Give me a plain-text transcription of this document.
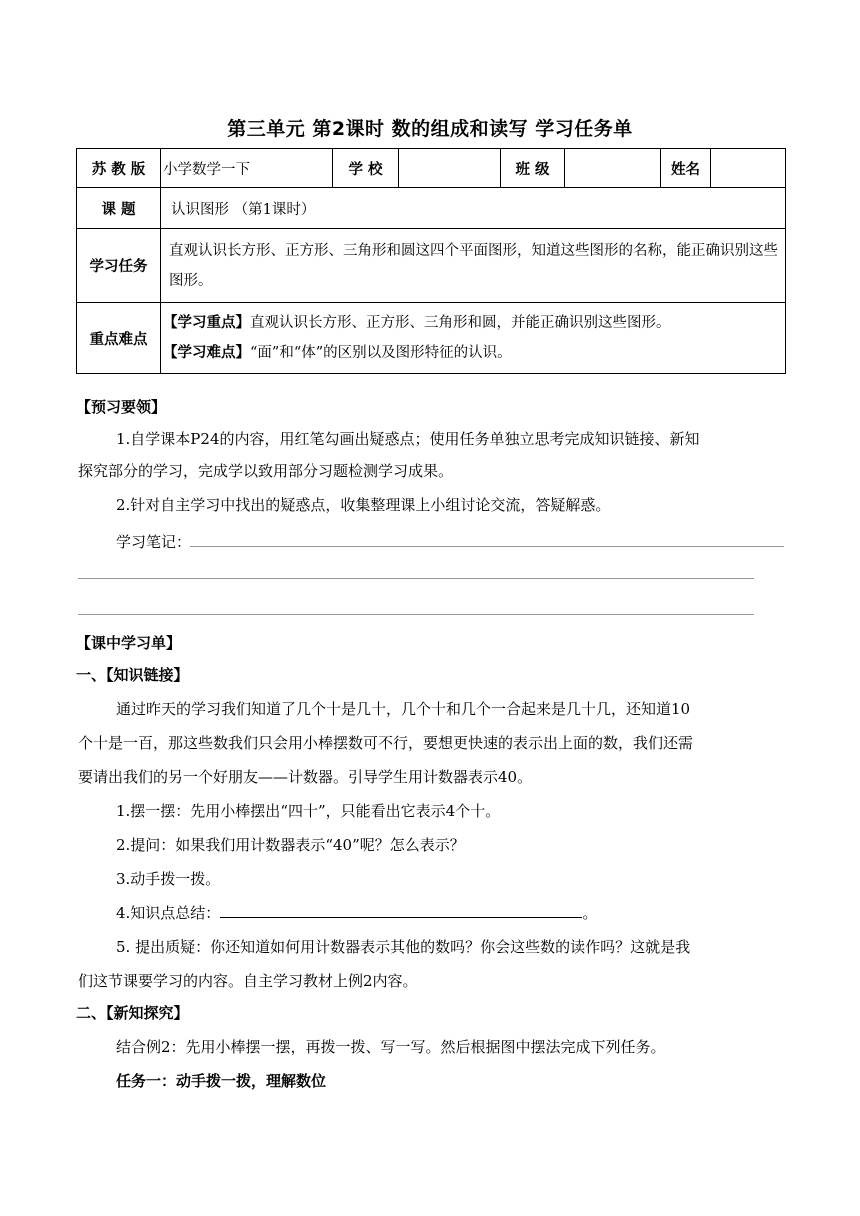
第三单元 第2课时 数的组成和读写 学习任务单
苏 教 版	小学数学一下	学 校		班 级		姓名	
课 题	认识图形 （第1课时）						
学习任务	直观认识长方形、正方形、三角形和圆这四个平面图形，知道这些图形的名称，能正确识别这些图形。						
重点难点	【学习重点】直观认识长方形、正方形、三角形和圆，并能正确识别这些图形。
【学习难点】“面”和“体”的区别以及图形特征的认识。						
【预习要领】
1.自学课本P24的内容，用红笔勾画出疑惑点；使用任务单独立思考完成知识链接、新知
探究部分的学习，完成学以致用部分习题检测学习成果。
2.针对自主学习中找出的疑惑点，收集整理课上小组讨论交流，答疑解惑。
学习笔记：
【课中学习单】
一、【知识链接】
通过昨天的学习我们知道了几个十是几十，几个十和几个一合起来是几十几，还知道10
个十是一百，那这些数我们只会用小棒摆数可不行，要想更快速的表示出上面的数，我们还需
要请出我们的另一个好朋友——计数器。引导学生用计数器表示40。
1.摆一摆：先用小棒摆出“四十”，只能看出它表示4个十。
2.提问：如果我们用计数器表示“40”呢？怎么表示？
3.动手拨一拨。
4.知识点总结：	。
5. 提出质疑：你还知道如何用计数器表示其他的数吗？你会这些数的读作吗？这就是我
们这节课要学习的内容。自主学习教材上例2内容。
二、【新知探究】
结合例2：先用小棒摆一摆，再拨一拨、写一写。然后根据图中摆法完成下列任务。
任务一：动手拨一拨，理解数位
